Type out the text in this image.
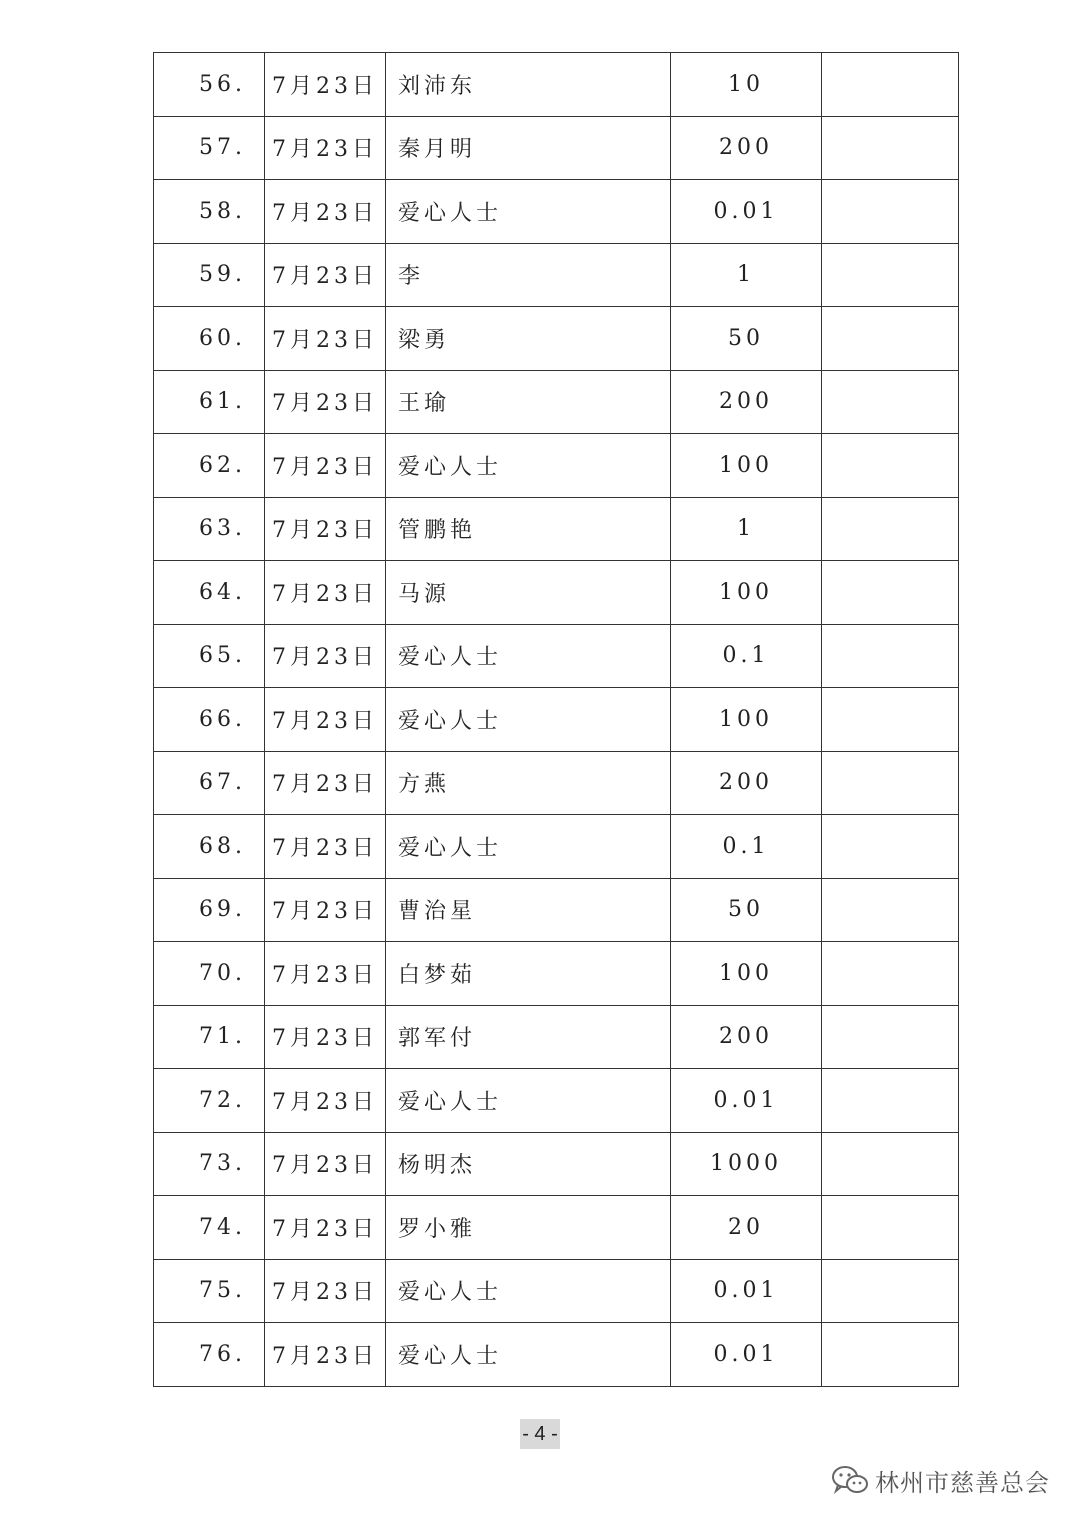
56.	7月23日	刘沛东	10	
57.	7月23日	秦月明	200	
58.	7月23日	爱心人士	0.01	
59.	7月23日	李	1	
60.	7月23日	梁勇	50	
61.	7月23日	王瑜	200	
62.	7月23日	爱心人士	100	
63.	7月23日	管鹏艳	1	
64.	7月23日	马源	100	
65.	7月23日	爱心人士	0.1	
66.	7月23日	爱心人士	100	
67.	7月23日	方燕	200	
68.	7月23日	爱心人士	0.1	
69.	7月23日	曹治星	50	
70.	7月23日	白梦茹	100	
71.	7月23日	郭军付	200	
72.	7月23日	爱心人士	0.01	
73.	7月23日	杨明杰	1000	
74.	7月23日	罗小雅	20	
75.	7月23日	爱心人士	0.01	
76.	7月23日	爱心人士	0.01	
- 4 -
林州市慈善总会
